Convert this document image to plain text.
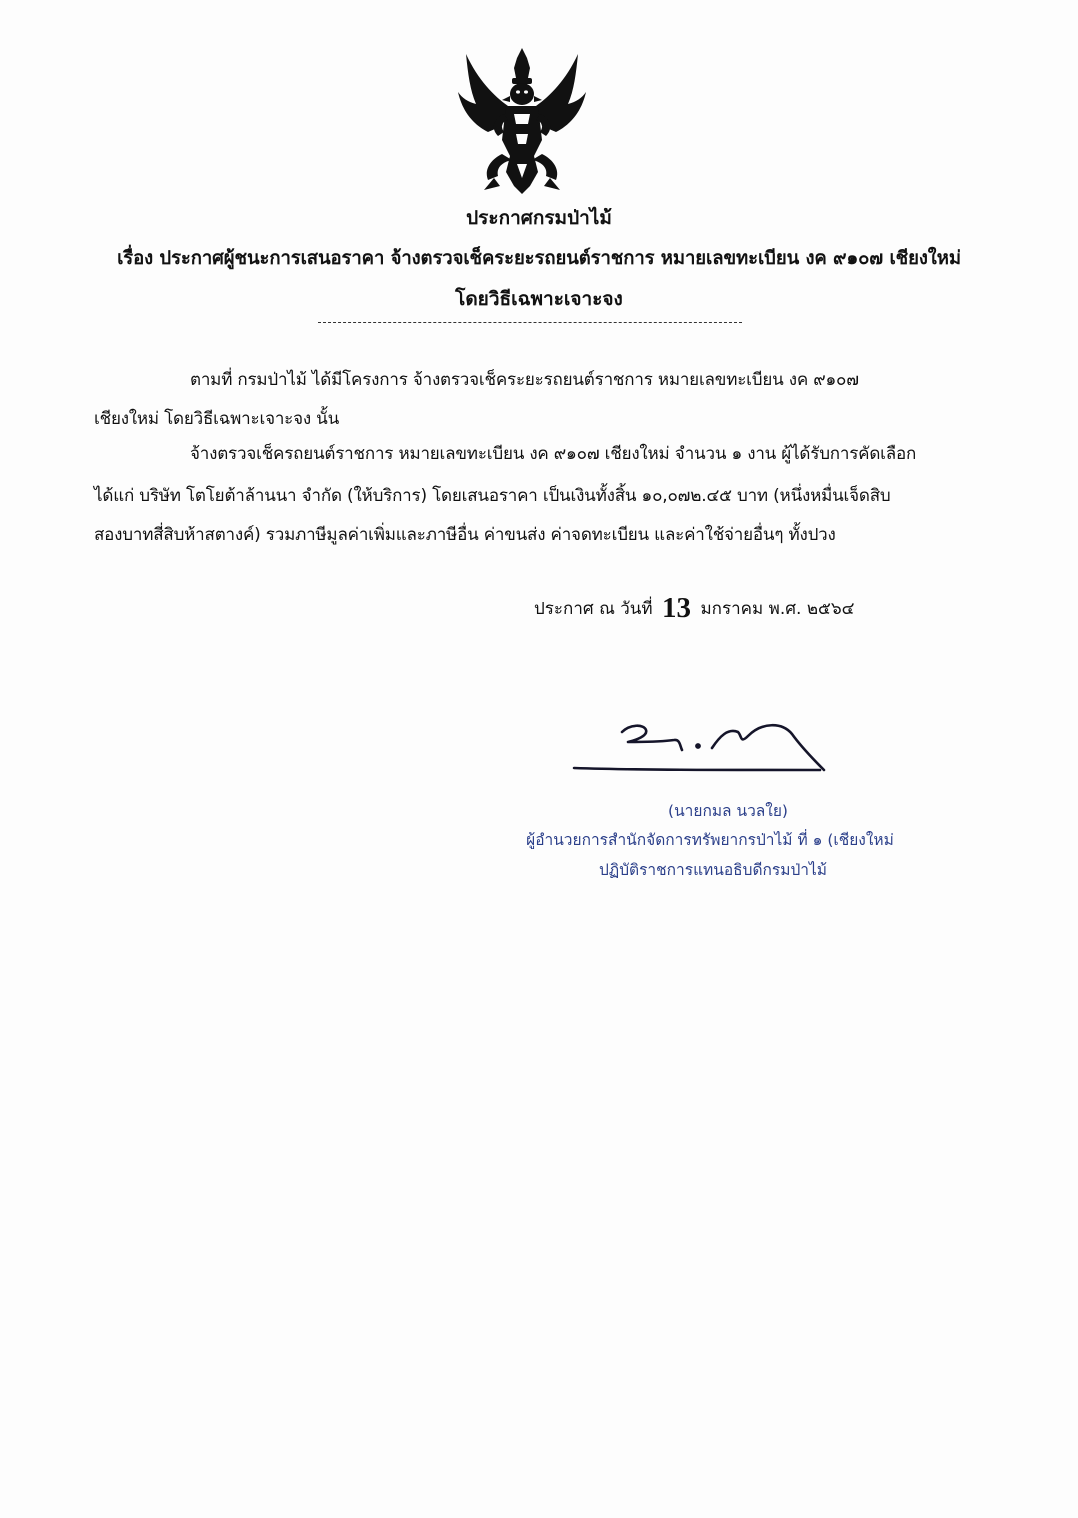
ประกาศกรมป่าไม้
เรื่อง ประกาศผู้ชนะการเสนอราคา จ้างตรวจเช็คระยะรถยนต์ราชการ หมายเลขทะเบียน งค ๙๑๐๗ เชียงใหม่
โดยวิธีเฉพาะเจาะจง
ตามที่ กรมป่าไม้ ได้มีโครงการ จ้างตรวจเช็คระยะรถยนต์ราชการ หมายเลขทะเบียน งค ๙๑๐๗
เชียงใหม่ โดยวิธีเฉพาะเจาะจง นั้น
จ้างตรวจเช็ครถยนต์ราชการ หมายเลขทะเบียน งค ๙๑๐๗ เชียงใหม่ จำนวน ๑ งาน ผู้ได้รับการคัดเลือก
ได้แก่ บริษัท โตโยต้าล้านนา จำกัด (ให้บริการ) โดยเสนอราคา เป็นเงินทั้งสิ้น ๑๐,๐๗๒.๔๕ บาท (หนึ่งหมื่นเจ็ดสิบ
สองบาทสี่สิบห้าสตางค์) รวมภาษีมูลค่าเพิ่มและภาษีอื่น ค่าขนส่ง ค่าจดทะเบียน และค่าใช้จ่ายอื่นๆ ทั้งปวง
ประกาศ ณ วันที่ 13 มกราคม พ.ศ. ๒๕๖๔
(นายกมล นวลใย)
ผู้อำนวยการสำนักจัดการทรัพยากรป่าไม้ ที่ ๑ (เชียงใหม่
ปฏิบัติราชการแทนอธิบดีกรมป่าไม้
